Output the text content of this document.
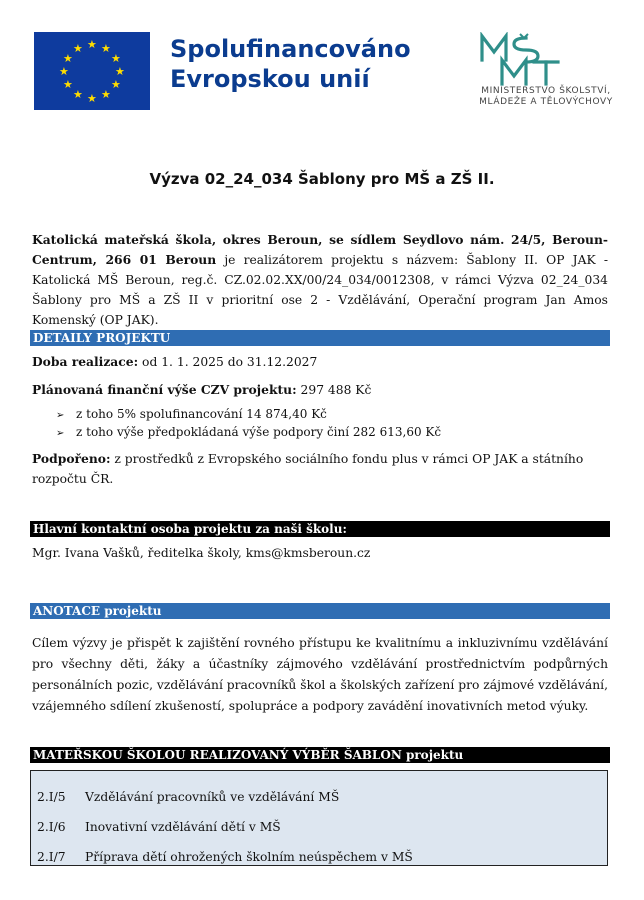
★ ★
★
★
★
★
★
★
★
★
★
★	Spolufinancováno
Evropskou unií	MINISTERSTVO ŠKOLSTVÍ,
MLÁDEŽE A TĚLOVÝCHOVY
Výzva 02_24_034 Šablony pro MŠ a ZŠ II.
Katolická mateřská škola, okres Beroun, se sídlem Seydlovo nám. 24/5, Beroun-Centrum, 266 01 Beroun je realizátorem projektu s názvem: Šablony II. OP JAK - Katolická MŠ Beroun, reg.č. CZ.02.02.XX/00/24_034/0012308, v rámci Výzva 02_24_034 Šablony pro MŠ a ZŠ II v prioritní ose 2 - Vzdělávání, Operační program Jan Amos Komenský (OP JAK).
DETAILY PROJEKTU
Doba realizace: od 1. 1. 2025 do 31.12.2027
Plánovaná finanční výše CZV projektu: 297 488 Kč
➢ z toho 5% spolufinancování 14 874,40 Kč
➢ z toho výše předpokládaná výše podpory činí 282 613,60 Kč
Podpořeno: z prostředků z Evropského sociálního fondu plus v rámci OP JAK a státního rozpočtu ČR.
Hlavní kontaktní osoba projektu za naši školu:
Mgr. Ivana Vašků, ředitelka školy, kms@kmsberoun.cz
ANOTACE projektu
Cílem výzvy je přispět k zajištění rovného přístupu ke kvalitnímu a inkluzivnímu vzdělávání pro všechny děti, žáky a účastníky zájmového vzdělávání prostřednictvím podpůrných personálních pozic, vzdělávání pracovníků škol a školských zařízení pro zájmové vzdělávání, vzájemného sdílení zkušeností, spolupráce a podpory zavádění inovativních metod výuky.
MATEŘSKOU ŠKOLOU REALIZOVANÝ VÝBĚR ŠABLON projektu
2.I/5 Vzdělávání pracovníků ve vzdělávání MŠ
2.I/6 Inovativní vzdělávání dětí v MŠ
2.I/7 Příprava dětí ohrožených školním neúspěchem v MŠ
